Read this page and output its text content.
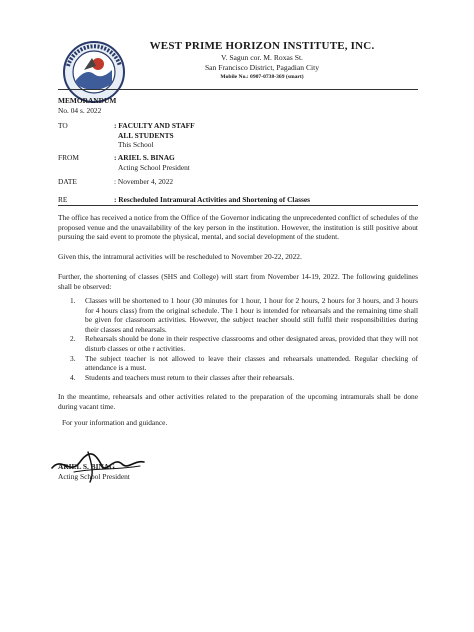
WEST PRIME HORIZON INSTITUTE, INC.
V. Sagun cor. M. Roxas St.
San Francisco District, Pagadian City
Mobile No.: 0907-0738-369 (smart)
MEMORANDUM
No. 04 s. 2022
TO	: FACULTY AND STAFF
ALL STUDENTS
This School
FROM	: ARIEL S. BINAG
Acting School President
DATE	: November 4, 2022
RE	: Rescheduled Intramural Activities and Shortening of Classes
The office has received a notice from the Office of the Governor indicating the unprecedented conflict of schedules of the proposed venue and the unavailability of the key person in the institution. However, the institution is still positive about pursuing the said event to promote the physical, mental, and social development of the student.
Given this, the intramural activities will be rescheduled to November 20-22, 2022.
Further, the shortening of classes (SHS and College) will start from November 14-19, 2022. The following guidelines shall be observed:
1. Classes will be shortened to 1 hour (30 minutes for 1 hour, 1 hour for 2 hours, 2 hours for 3 hours, and 3 hours for 4 hours class) from the original schedule. The 1 hour is intended for rehearsals and the remaining time shall be given for classroom activities. However, the subject teacher should still fulfil their responsibilities during their classes and rehearsals.
2. Rehearsals should be done in their respective classrooms and other designated areas, provided that they will not disturb classes or othe r activities.
3. The subject teacher is not allowed to leave their classes and rehearsals unattended. Regular checking of attendance is a must.
4. Students and teachers must return to their classes after their rehearsals.
In the meantime, rehearsals and other activities related to the preparation of the upcoming intramurals shall be done during vacant time.
For your information and guidance.
ARIEL S. BINAG
Acting School President
